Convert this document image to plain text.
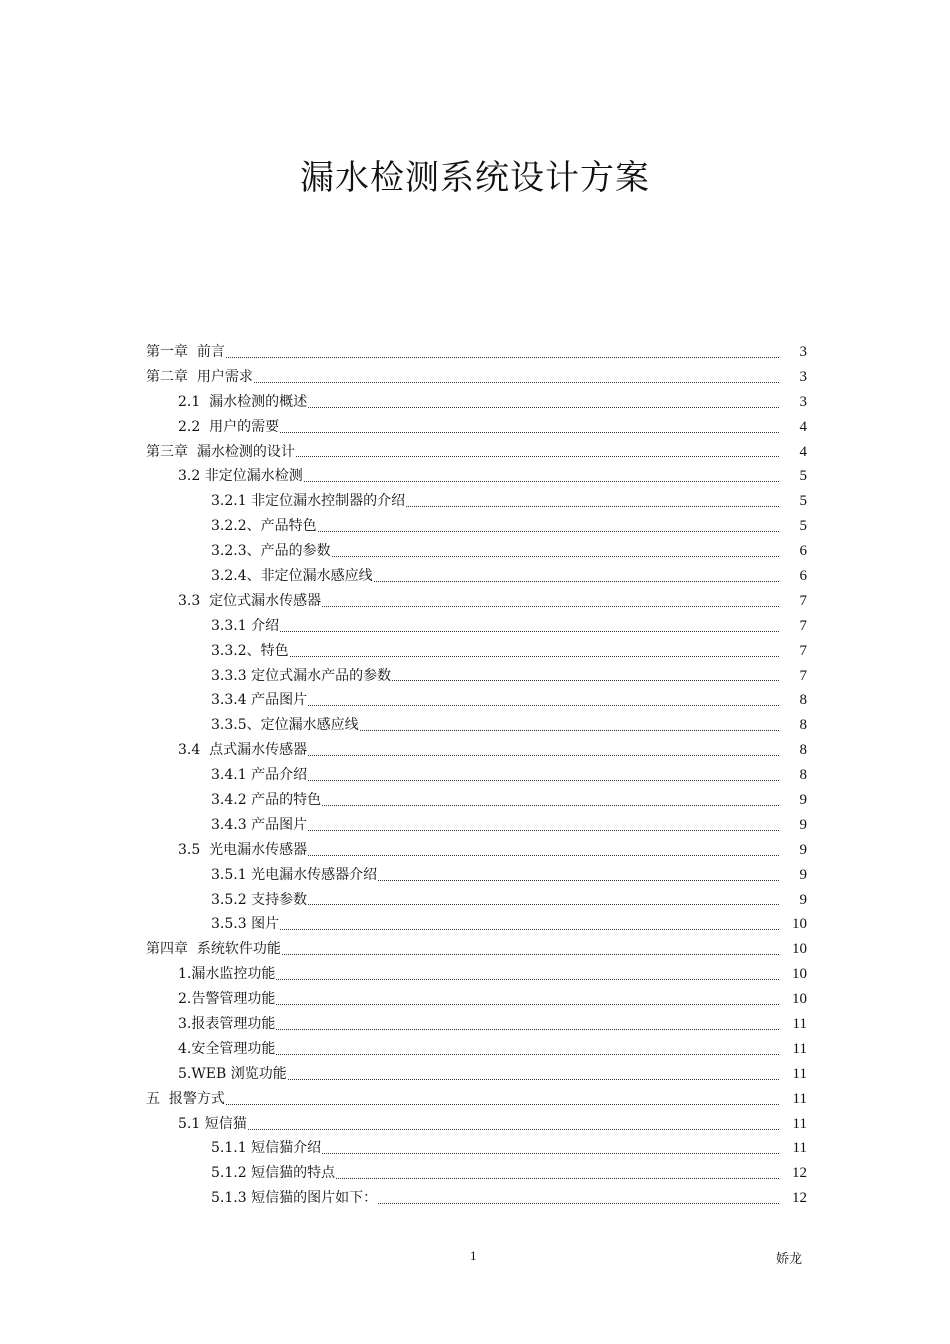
漏水检测系统设计方案
第一章  前言	3
第二章  用户需求	3
2.1  漏水检测的概述	3
2.2  用户的需要	4
第三章  漏水检测的设计	4
3.2 非定位漏水检测	5
3.2.1 非定位漏水控制器的介绍	5
3.2.2、产品特色	5
3.2.3、产品的参数	6
3.2.4、非定位漏水感应线	6
3.3  定位式漏水传感器	7
3.3.1 介绍	7
3.3.2、特色	7
3.3.3 定位式漏水产品的参数	7
3.3.4 产品图片	8
3.3.5、定位漏水感应线	8
3.4  点式漏水传感器	8
3.4.1 产品介绍	8
3.4.2 产品的特色	9
3.4.3 产品图片	9
3.5  光电漏水传感器	9
3.5.1 光电漏水传感器介绍	9
3.5.2 支持参数	9
3.5.3 图片	10
第四章  系统软件功能	10
1.漏水监控功能	10
2.告警管理功能	10
3.报表管理功能	11
4.安全管理功能	11
5.WEB 浏览功能	11
五  报警方式	11
5.1 短信猫	11
5.1.1 短信猫介绍	11
5.1.2 短信猫的特点	12
5.1.3 短信猫的图片如下：	12
1	娇龙
